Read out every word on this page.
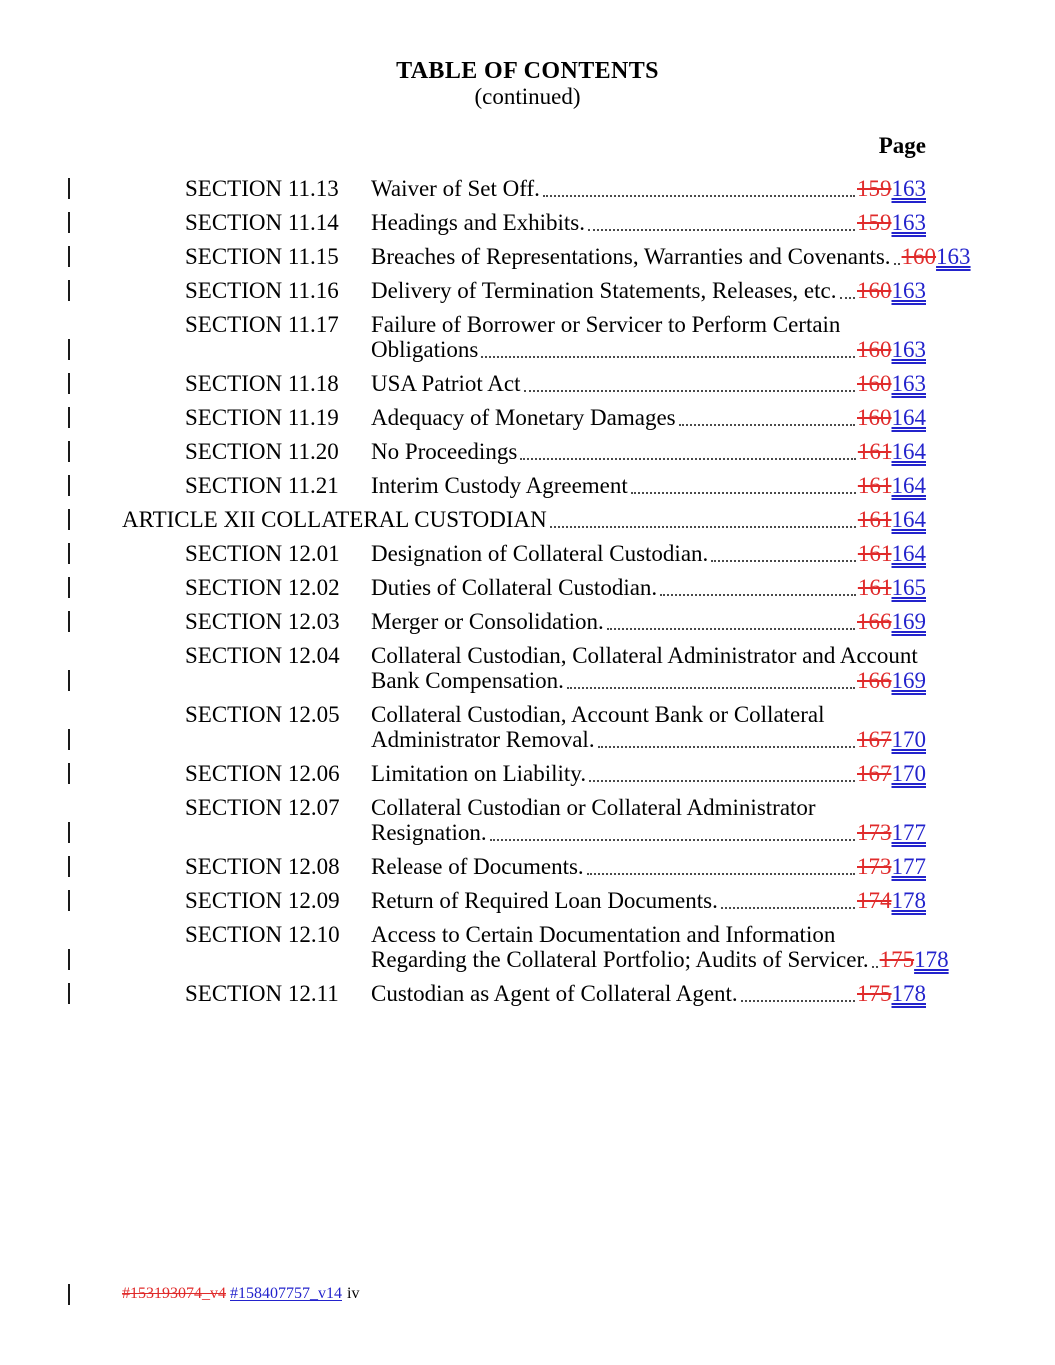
TABLE OF CONTENTS
(continued)
Page
SECTION 11.13	Waiver of Set Off.	159163
SECTION 11.14	Headings and Exhibits.	159163
SECTION 11.15	Breaches of Representations, Warranties and Covenants. 160163
SECTION 11.16	Delivery of Termination Statements, Releases, etc. 160163
SECTION 11.17	Failure of Borrower or Servicer to Perform Certain
Obligations	160163
SECTION 11.18	USA Patriot Act	160163
SECTION 11.19	Adequacy of Monetary Damages	160164
SECTION 11.20	No Proceedings	161164
SECTION 11.21	Interim Custody Agreement	161164
ARTICLE XII COLLATERAL CUSTODIAN	161164
SECTION 12.01	Designation of Collateral Custodian.	161164
SECTION 12.02	Duties of Collateral Custodian.	161165
SECTION 12.03	Merger or Consolidation.	166169
SECTION 12.04	Collateral Custodian, Collateral Administrator and Account
Bank Compensation.	166169
SECTION 12.05	Collateral Custodian, Account Bank or Collateral
Administrator Removal.	167170
SECTION 12.06	Limitation on Liability.	167170
SECTION 12.07	Collateral Custodian or Collateral Administrator
Resignation.	173177
SECTION 12.08	Release of Documents.	173177
SECTION 12.09	Return of Required Loan Documents.	174178
SECTION 12.10	Access to Certain Documentation and Information
Regarding the Collateral Portfolio; Audits of Servicer. 175178
SECTION 12.11	Custodian as Agent of Collateral Agent.	175178
#153193074_v4 #158407757_v14 iv
